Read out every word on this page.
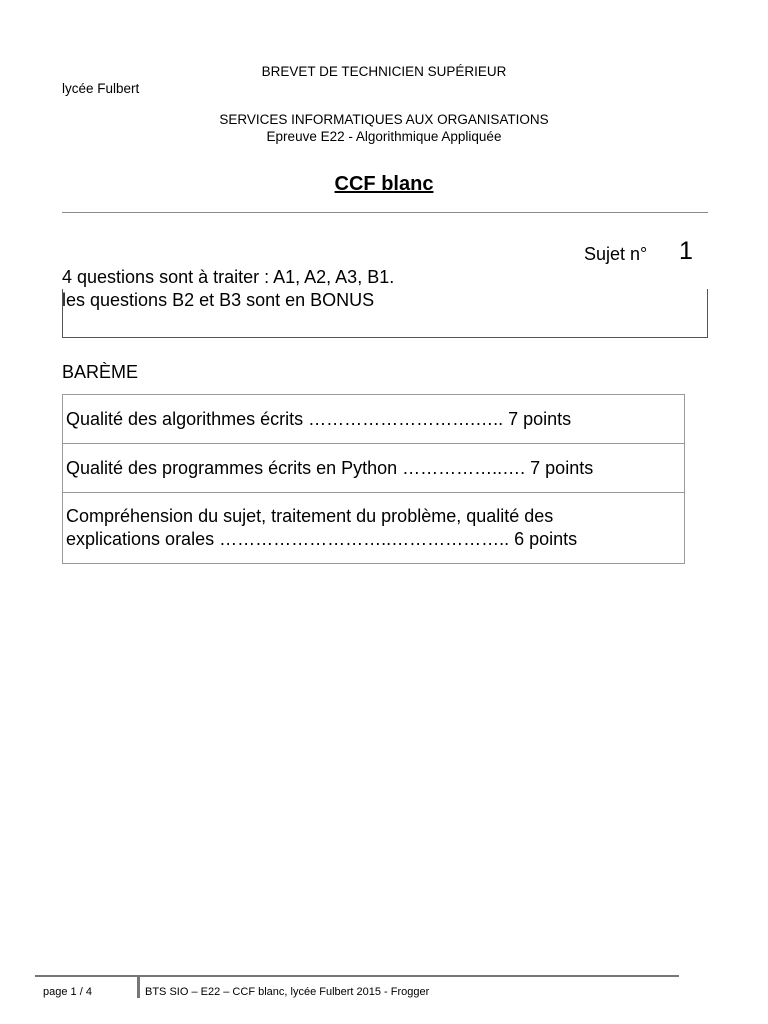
BREVET DE TECHNICIEN SUPÉRIEUR
lycée Fulbert
SERVICES INFORMATIQUES AUX ORGANISATIONS
Epreuve E22 - Algorithmique Appliquée
CCF blanc
Sujet n° 1
4 questions sont à traiter : A1, A2, A3, B1.
les questions B2 et B3 sont en BONUS
BARÈME
Qualité des algorithmes écrits ……………………….….. 7 points
Qualité des programmes écrits en Python ……………..…. 7 points

Compréhension du sujet, traitement du problème, qualité des
explications orales ………………………..……………….. 6 points
page 1 / 4	BTS SIO – E22 – CCF blanc, lycée Fulbert 2015 - Frogger
